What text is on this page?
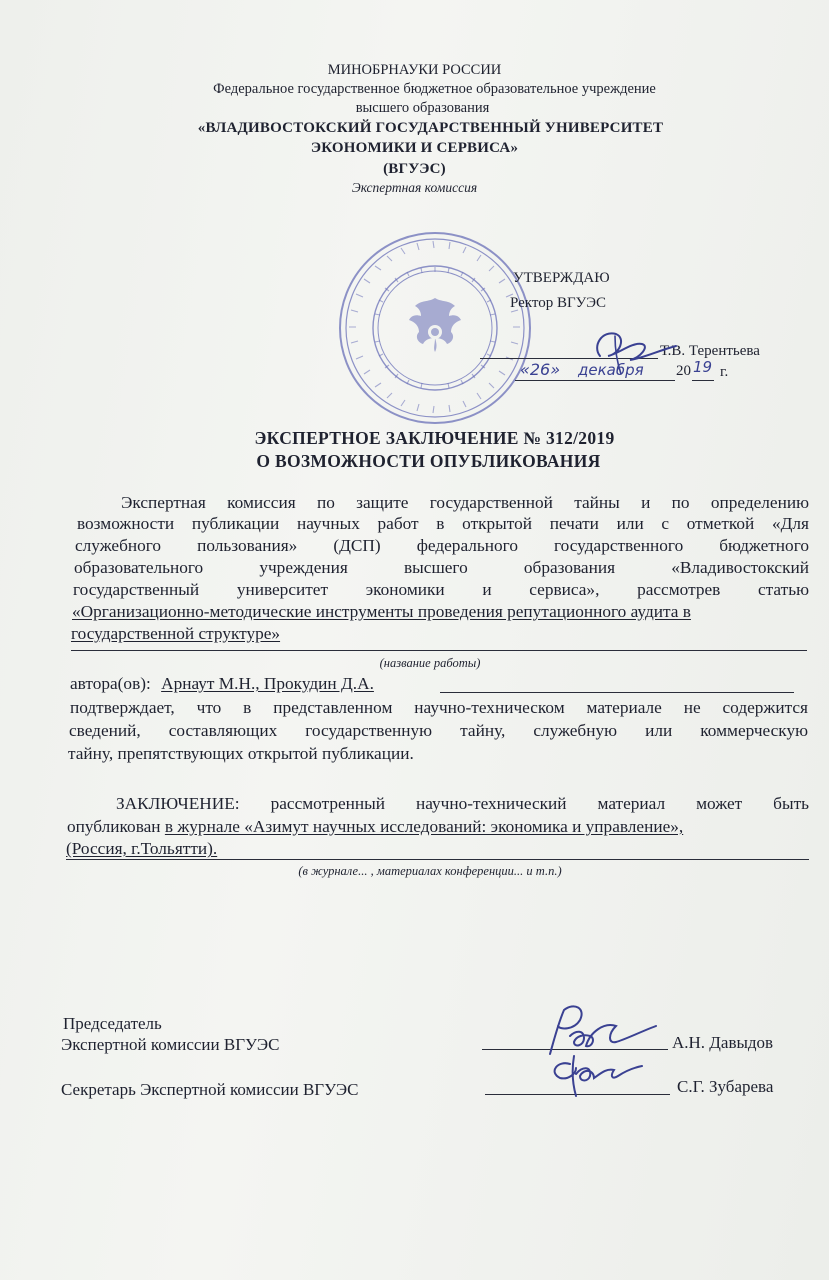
МИНОБРНАУКИ РОССИИ
Федеральное государственное бюджетное образовательное учреждение
высшего образования
«ВЛАДИВОСТОКСКИЙ ГОСУДАРСТВЕННЫЙ УНИВЕРСИТЕТ
ЭКОНОМИКИ И СЕРВИСА»
(ВГУЭС)
Экспертная комиссия
УТВЕРЖДАЮ
Ректор ВГУЭС
Т.В. Терентьева
«26» декабря 20 19 г.
ЭКСПЕРТНОЕ ЗАКЛЮЧЕНИЕ № 312/2019
О ВОЗМОЖНОСТИ ОПУБЛИКОВАНИЯ
Экспертная комиссия по защите государственной тайны и по определению
возможности публикации научных работ в открытой печати или с отметкой «Для
служебного пользования» (ДСП) федерального государственного бюджетного
образовательного учреждения высшего образования «Владивостокский
государственный университет экономики и сервиса», рассмотрев статью
«Организационно-методические инструменты проведения репутационного аудита в
государственной структуре»
(название работы)
автора(ов): Арнаут М.Н., Прокудин Д.А.
подтверждает, что в представленном научно-техническом материале не содержится
сведений, составляющих государственную тайну, служебную или коммерческую
тайну, препятствующих открытой публикации.
ЗАКЛЮЧЕНИЕ: рассмотренный научно-технический материал может быть
опубликован в журнале «Азимут научных исследований: экономика и управление»,
(Россия, г.Тольятти).
(в журнале... , материалах конференции... и т.п.)
Председатель
Экспертной комиссии ВГУЭС	А.Н. Давыдов
Секретарь Экспертной комиссии ВГУЭС	С.Г. Зубарева
